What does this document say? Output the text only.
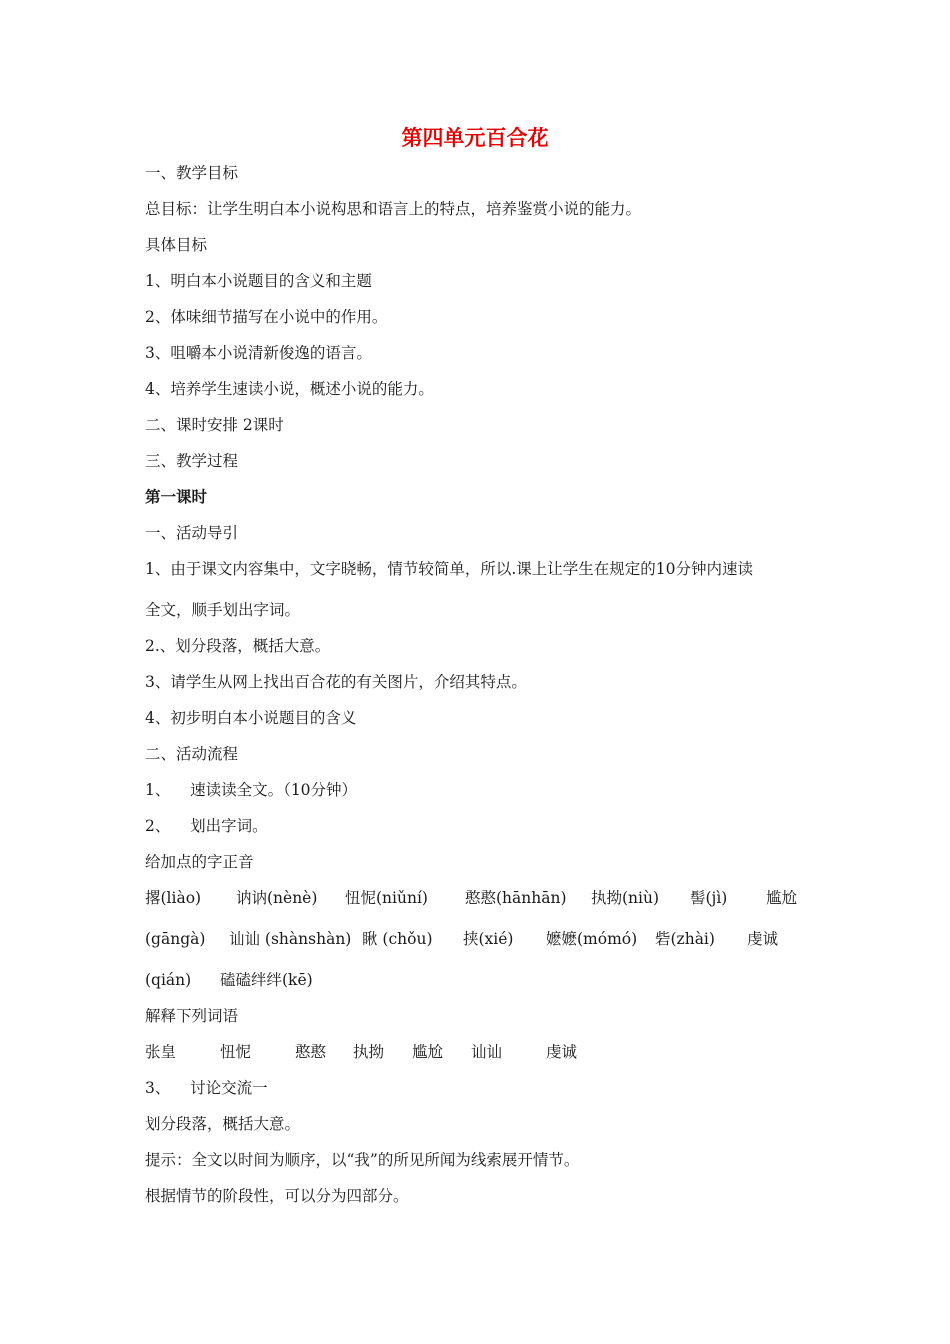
第四单元百合花
一、教学目标
总目标：让学生明白本小说构思和语言上的特点，培养鉴赏小说的能力。
具体目标
1、明白本小说题目的含义和主题
2、体味细节描写在小说中的作用。
3、咀嚼本小说清新俊逸的语言。
4、培养学生速读小说，概述小说的能力。
二、课时安排 2课时
三、教学过程
第一课时
一、活动导引
1、由于课文内容集中，文字晓畅，情节较简单，所以.课上让学生在规定的10分钟内速读
全文，顺手划出字词。
2.、划分段落，概括大意。
3、请学生从网上找出百合花的有关图片，介绍其特点。
4、初步明白本小说题目的含义
二、活动流程
1、    速读读全文。（10分钟）
2、    划出字词。
给加点的字正音
撂(liào) 讷讷(nènè) 忸怩(niǔní) 憨憨(hānhān) 执拗(niù) 髻(jì) 尴尬
(gāngà) 讪讪 (shànshàn) 瞅 (chǒu) 挟(xié) 嬷嬷(mómó) 砦(zhài) 虔诚
(qián) 磕磕绊绊(kē)
解释下列词语
张皇	忸怩	憨憨 执拗 尴尬 讪讪	虔诚
3、    讨论交流一
划分段落，概括大意。
提示：全文以时间为顺序，以“我”的所见所闻为线索展开情节。
根据情节的阶段性，可以分为四部分。
